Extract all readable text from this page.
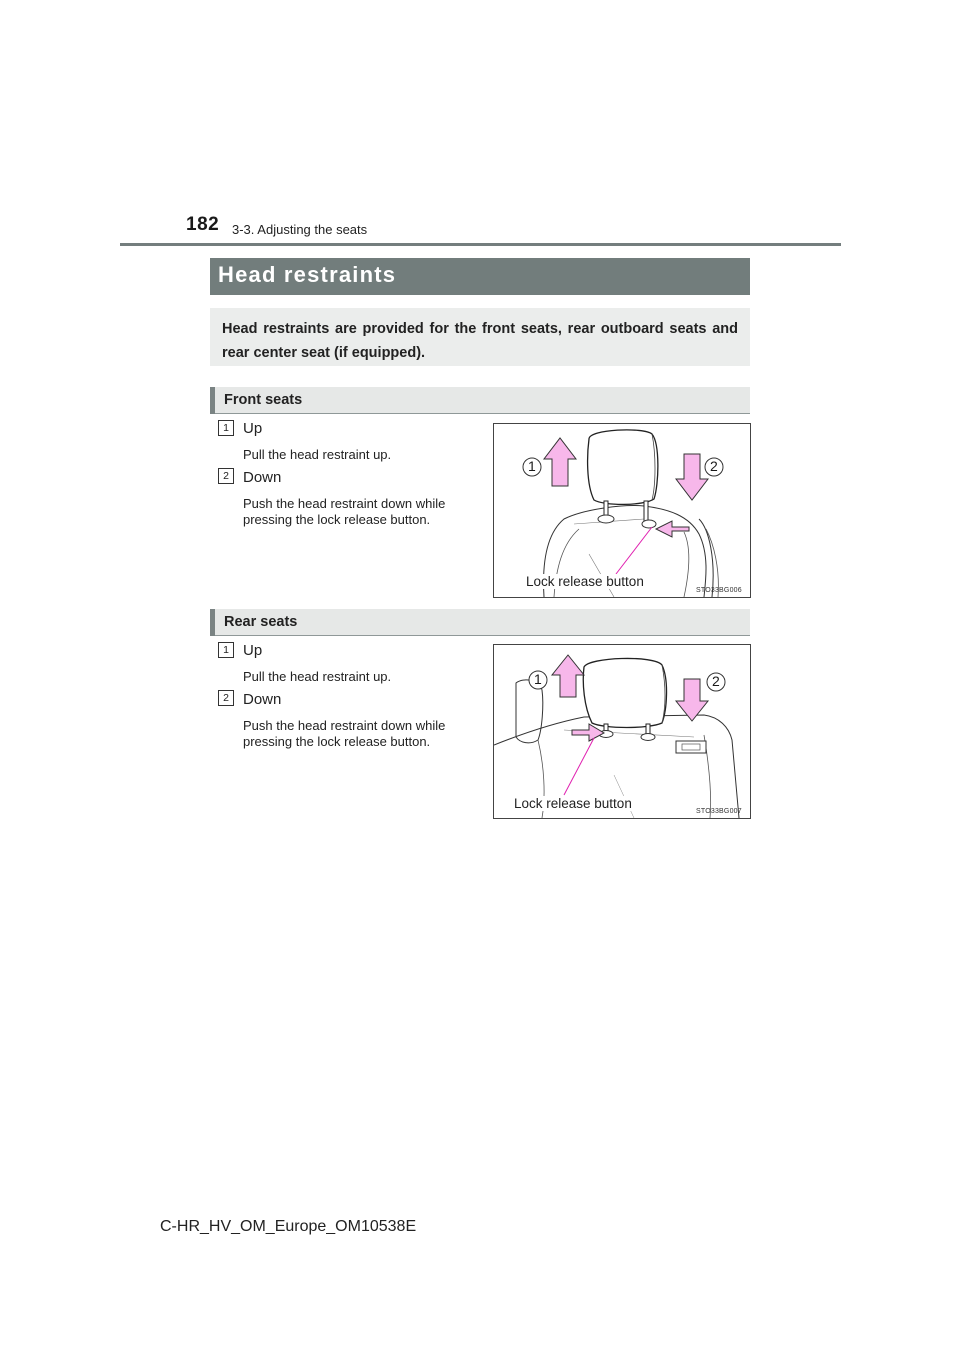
182 3-3. Adjusting the seats
Head restraints
Head restraints are provided for the front seats, rear outboard seats and rear center seat (if equipped).
Front seats
1 Up
Pull the head restraint up.
2 Down
Push the head restraint down while pressing the lock release button.
1	2
Lock release button
STO33BG006
Rear seats
1 Up
Pull the head restraint up.
2 Down
Push the head restraint down while pressing the lock release button.
1	2
Lock release button
STO33BG007
C-HR_HV_OM_Europe_OM10538E
